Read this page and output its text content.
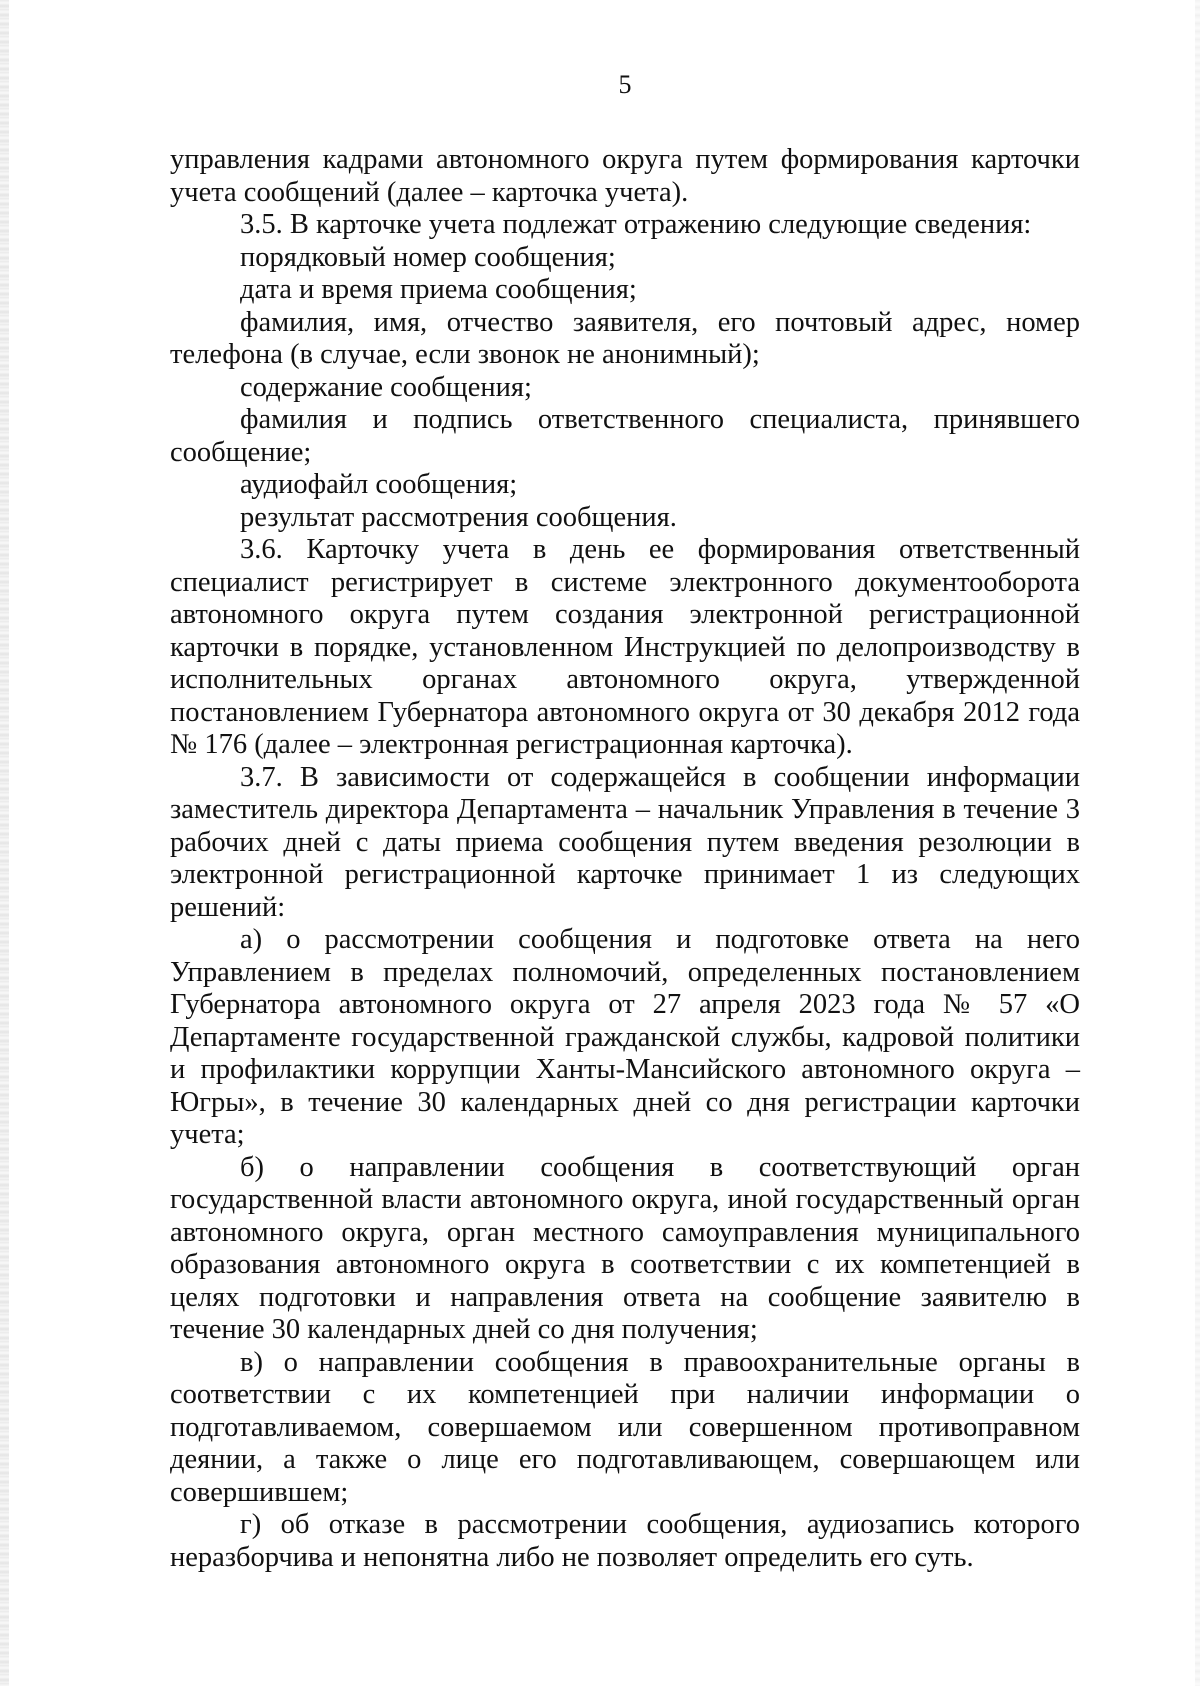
5

управления кадрами автономного округа путем формирования карточки учета сообщений (далее – карточка учета).

3.5. В карточке учета подлежат отражению следующие сведения:

порядковый номер сообщения;

дата и время приема сообщения;

фамилия, имя, отчество заявителя, его почтовый адрес, номер телефона (в случае, если звонок не анонимный);

содержание сообщения;

фамилия и подпись ответственного специалиста, принявшего сообщение;

аудиофайл сообщения;

результат рассмотрения сообщения.

3.6. Карточку учета в день ее формирования ответственный специалист регистрирует в системе электронного документооборота автономного округа путем создания электронной регистрационной карточки в порядке, установленном Инструкцией по делопроизводству в исполнительных органах автономного округа, утвержденной постановлением Губернатора автономного округа от 30 декабря 2012 года № 176 (далее – электронная регистрационная карточка).

3.7. В зависимости от содержащейся в сообщении информации заместитель директора Департамента – начальник Управления в течение 3 рабочих дней с даты приема сообщения путем введения резолюции в электронной регистрационной карточке принимает 1 из следующих решений:

а) о рассмотрении сообщения и подготовке ответа на него Управлением в пределах полномочий, определенных постановлением Губернатора автономного округа от 27 апреля 2023 года № 57 «О Департаменте государственной гражданской службы, кадровой политики и профилактики коррупции Ханты-Мансийского автономного округа – Югры», в течение 30 календарных дней со дня регистрации карточки учета;

б) о направлении сообщения в соответствующий орган государственной власти автономного округа, иной государственный орган автономного округа, орган местного самоуправления муниципального образования автономного округа в соответствии с их компетенцией в целях подготовки и направления ответа на сообщение заявителю в течение 30 календарных дней со дня получения;

в) о направлении сообщения в правоохранительные органы в соответствии с их компетенцией при наличии информации о подготавливаемом, совершаемом или совершенном противоправном деянии, а также о лице его подготавливающем, совершающем или совершившем;

г) об отказе в рассмотрении сообщения, аудиозапись которого неразборчива и непонятна либо не позволяет определить его суть.
